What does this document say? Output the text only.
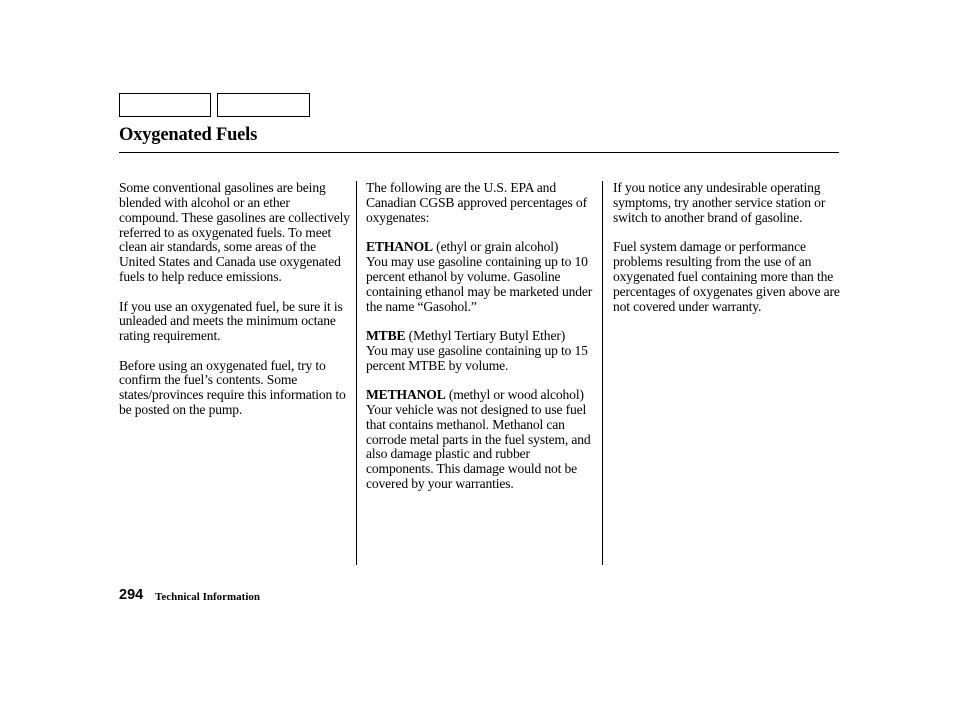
Oxygenated Fuels

Some conventional gasolines are being blended with alcohol or an ether compound. These gasolines are collectively referred to as oxygenated fuels. To meet clean air standards, some areas of the United States and Canada use oxygenated fuels to help reduce emissions.

If you use an oxygenated fuel, be sure it is unleaded and meets the minimum octane rating requirement.

Before using an oxygenated fuel, try to confirm the fuel’s contents. Some states/provinces require this information to be posted on the pump.

The following are the U.S. EPA and Canadian CGSB approved percentages of oxygenates:

ETHANOL (ethyl or grain alcohol)
You may use gasoline containing up to 10 percent ethanol by volume. Gasoline containing ethanol may be marketed under the name “Gasohol.”

MTBE (Methyl Tertiary Butyl Ether)
You may use gasoline containing up to 15 percent MTBE by volume.

METHANOL (methyl or wood alcohol)
Your vehicle was not designed to use fuel that contains methanol. Methanol can corrode metal parts in the fuel system, and also damage plastic and rubber components. This damage would not be covered by your warranties.

If you notice any undesirable operating symptoms, try another service station or switch to another brand of gasoline.

Fuel system damage or performance problems resulting from the use of an oxygenated fuel containing more than the percentages of oxygenates given above are not covered under warranty.

294 Technical Information
